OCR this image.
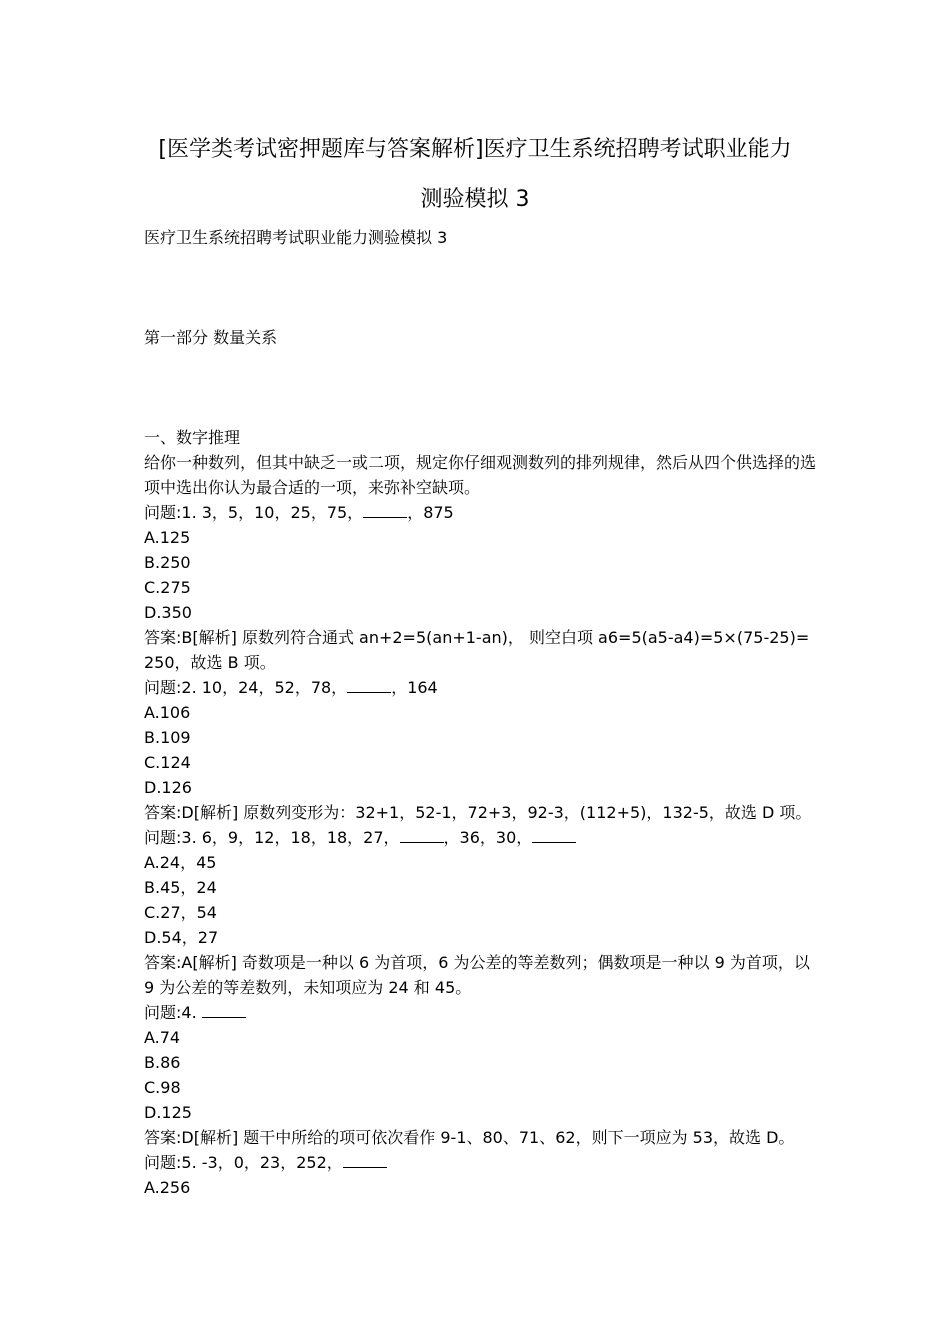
[医学类考试密押题库与答案解析]医疗卫生系统招聘考试职业能力
测验模拟 3
医疗卫生系统招聘考试职业能力测验模拟 3
第一部分 数量关系
一、数字推理
给你一种数列，但其中缺乏一或二项，规定你仔细观测数列的排列规律，然后从四个供选择的选项中选出你认为最合适的一项，来弥补空缺项。
问题:1. 3，5，10，25，75，	，875
A.125
B.250
C.275
D.350
答案:B[解析] 原数列符合通式 an+2=5(an+1-an)， 则空白项 a6=5(a5-a4)=5×(75-25)=250，故选 B 项。
问题:2. 10，24，52，78，	，164
A.106
B.109
C.124
D.126
答案:D[解析] 原数列变形为：32+1，52-1，72+3，92-3，(112+5)，132-5，故选 D 项。
问题:3. 6，9，12，18，18，27，	，36，30，
A.24，45
B.45，24
C.27，54
D.54，27
答案:A[解析] 奇数项是一种以 6 为首项，6 为公差的等差数列；偶数项是一种以 9 为首项，以 9 为公差的等差数列，未知项应为 24 和 45。
问题:4.
A.74
B.86
C.98
D.125
答案:D[解析] 题干中所给的项可依次看作 9-1、80、71、62，则下一项应为 53，故选 D。
问题:5. -3，0，23，252，
A.256
